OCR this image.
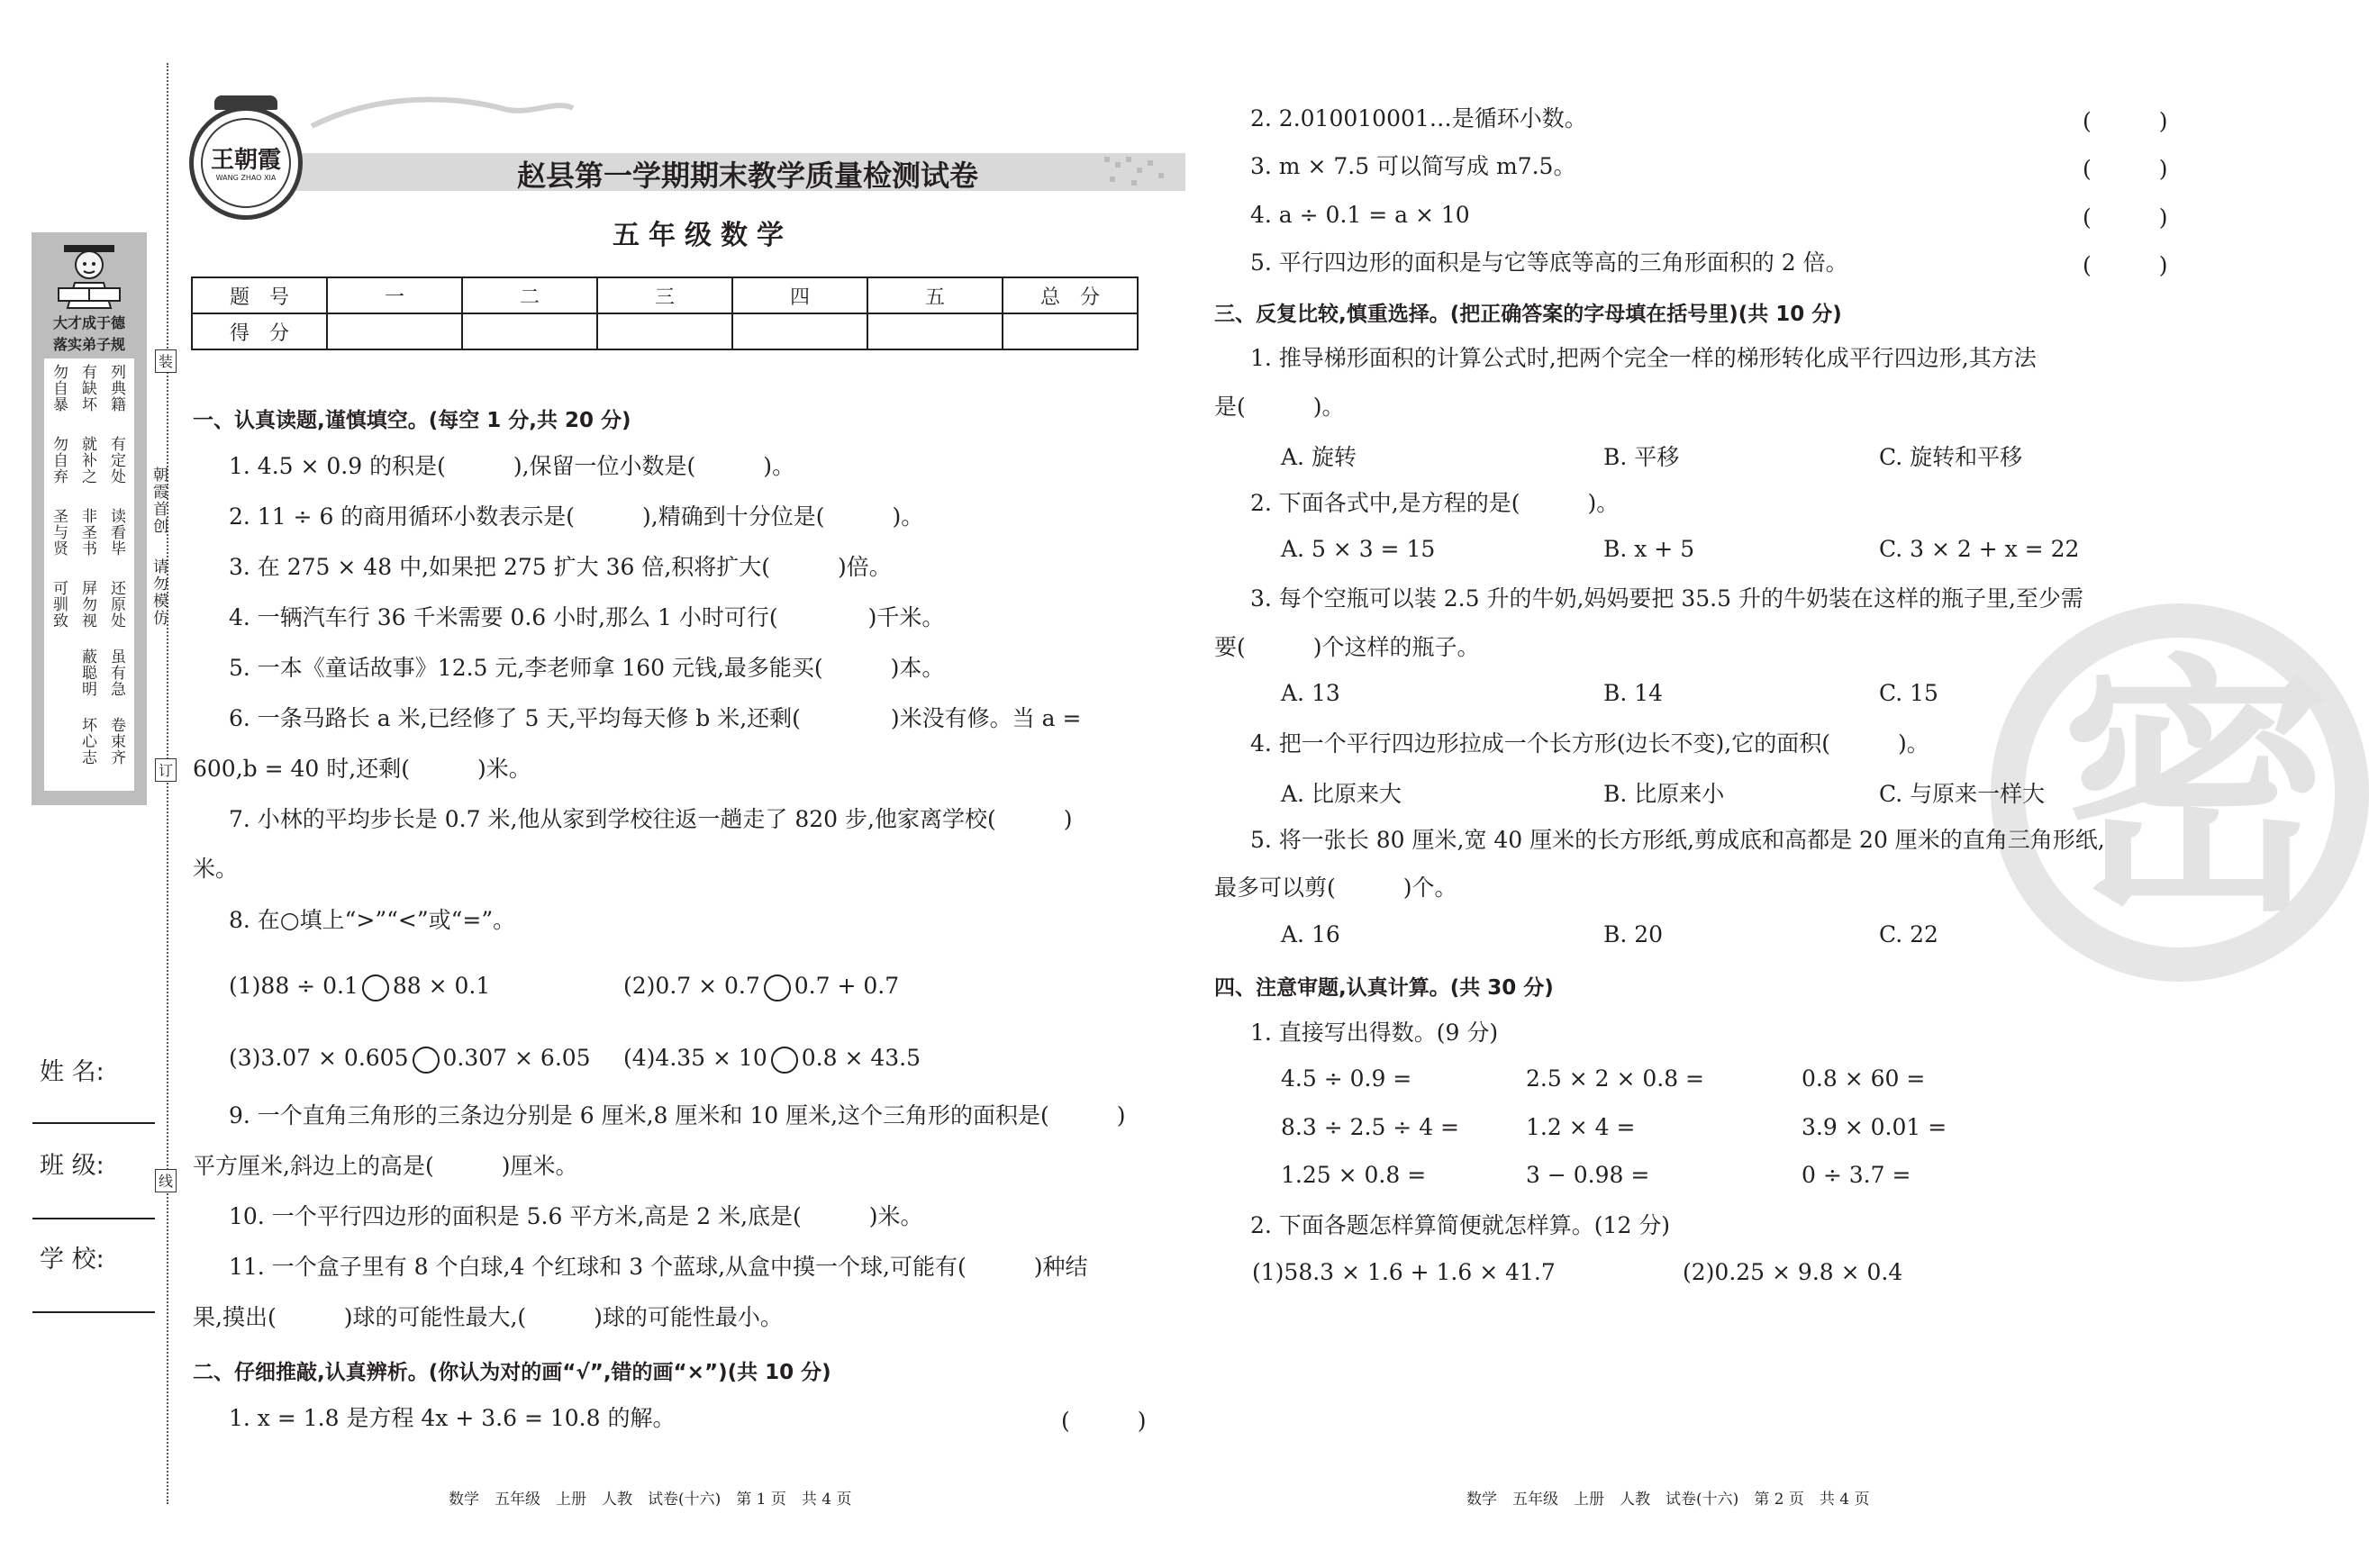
密
大才成于德
落实弟子规
勿自暴 有缺坏 列典籍
勿自弃 就补之 有定处
圣与贤 非圣书 读看毕
可驯致 屏勿视 还原处
蔽聪明 虽有急
坏心志 卷束齐
装
订
线
朝霞首创
请勿模仿
姓 名:
班 级:
学 校:
王朝霞
WANG ZHAO XIA	赵县第一学期期末教学质量检测试卷
五年级数学
题　号	一	二	三	四	五	总　分
得　分						
一、认真读题,谨慎填空。(每空 1 分,共 20 分)
1. 4.5 × 0.9 的积是(　　　),保留一位小数是(　　　)。
2. 11 ÷ 6 的商用循环小数表示是(　　　),精确到十分位是(　　　)。
3. 在 275 × 48 中,如果把 275 扩大 36 倍,积将扩大(　　　)倍。
4. 一辆汽车行 36 千米需要 0.6 小时,那么 1 小时可行(　　　　)千米。
5. 一本《童话故事》12.5 元,李老师拿 160 元钱,最多能买(　　　)本。
6. 一条马路长 a 米,已经修了 5 天,平均每天修 b 米,还剩(　　　　)米没有修。当 a =
600,b = 40 时,还剩(　　　)米。
7. 小林的平均步长是 0.7 米,他从家到学校往返一趟走了 820 步,他家离学校(　　　)
米。
8. 在○填上“>”“<”或“=”。
(1)88 ÷ 0.1 88 × 0.1	(2)0.7 × 0.7 0.7 + 0.7
(3)3.07 × 0.605 0.307 × 6.05 (4)4.35 × 10 0.8 × 43.5
9. 一个直角三角形的三条边分别是 6 厘米,8 厘米和 10 厘米,这个三角形的面积是(　　　)
平方厘米,斜边上的高是(　　　)厘米。
10. 一个平行四边形的面积是 5.6 平方米,高是 2 米,底是(　　　)米。
11. 一个盒子里有 8 个白球,4 个红球和 3 个蓝球,从盒中摸一个球,可能有(　　　)种结
果,摸出(　　　)球的可能性最大,(　　　)球的可能性最小。
二、仔细推敲,认真辨析。(你认为对的画“√”,错的画“×”)(共 10 分)
1. x = 1.8 是方程 4x + 3.6 = 10.8 的解。	(　　　)
2. 2.010010001…是循环小数。	(　　　)
3. m × 7.5 可以简写成 m7.5。	(　　　)
4. a ÷ 0.1 = a × 10	(　　　)
5. 平行四边形的面积是与它等底等高的三角形面积的 2 倍。	(　　　)
三、反复比较,慎重选择。(把正确答案的字母填在括号里)(共 10 分)
1. 推导梯形面积的计算公式时,把两个完全一样的梯形转化成平行四边形,其方法
是(　　　)。
A. 旋转	B. 平移	C. 旋转和平移
2. 下面各式中,是方程的是(　　　)。
A. 5 × 3 = 15	B. x + 5	C. 3 × 2 + x = 22
3. 每个空瓶可以装 2.5 升的牛奶,妈妈要把 35.5 升的牛奶装在这样的瓶子里,至少需
要(　　　)个这样的瓶子。
A. 13	B. 14	C. 15
4. 把一个平行四边形拉成一个长方形(边长不变),它的面积(　　　)。
A. 比原来大	B. 比原来小	C. 与原来一样大
5. 将一张长 80 厘米,宽 40 厘米的长方形纸,剪成底和高都是 20 厘米的直角三角形纸,
最多可以剪(　　　)个。
A. 16	B. 20	C. 22
四、注意审题,认真计算。(共 30 分)
1. 直接写出得数。(9 分)
4.5 ÷ 0.9 =	2.5 × 2 × 0.8 =	0.8 × 60 =
8.3 ÷ 2.5 ÷ 4 =	1.2 × 4 =	3.9 × 0.01 =
1.25 × 0.8 =	3 − 0.98 =	0 ÷ 3.7 =
2. 下面各题怎样算简便就怎样算。(12 分)
(1)58.3 × 1.6 + 1.6 × 41.7	(2)0.25 × 9.8 × 0.4
数学　五年级　上册　人教　试卷(十六)　第 1 页　共 4 页	数学　五年级　上册　人教　试卷(十六)　第 2 页　共 4 页
